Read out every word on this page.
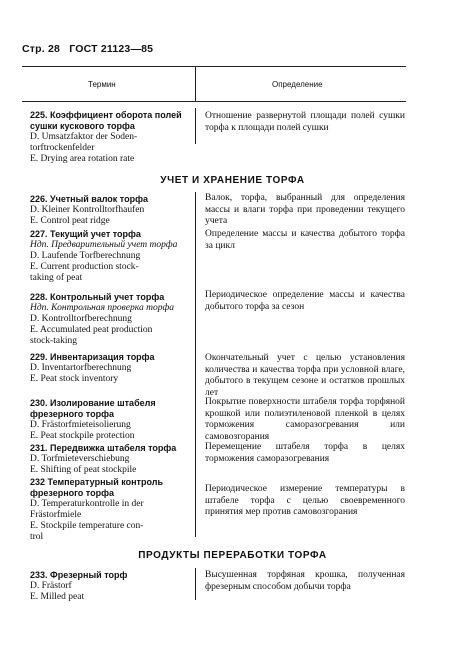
Стр. 28 ГОСТ 21123—85
Термин	Определение
225. Коэффициент оборота полей сушки кускового торфа
D. Umsatzfaktor der Soden-
torftrockenfelder
E. Drying area rotation rate
Отношение развернутой площади полей сушки торфа к площади полей сушки
УЧЕТ И ХРАНЕНИЕ ТОРФА
226. Учетный валок торфа
D. Kleiner Kontrolltorfhaufen
E. Control peat ridge
Валок, торфа, выбранный для определения массы и влаги торфа при проведении текущего учета
227. Текущий учет торфа
Ндп. Предварительный учет торфа
D. Laufende Torfberechnung
E. Current production stock-
taking of peat
Определение массы и качества добытого торфа за цикл
228. Контрольный учет торфа
Ндп. Контрольная проверка торфа
D. Kontrolltorfberechnung
E. Accumulated peat production
stock-taking
Периодическое определение массы и качества добытого торфа за сезон
229. Инвентаризация торфа
D. Inventartorfberechnung
E. Peat stock inventory
Окончательный учет с целью установления количества и качества торфа при условной влаге, добытого в текущем сезоне и остатков прошлых лет
230. Изолирование штабеля фрезерного торфа
D. Frästorfmieteisolierung
E. Peat stockpile protection
Покрытие поверхности штабеля торфа торфяной крошкой или полиэтиленовой пленкой в целях торможения саморазогревания или самовозгорания
231. Передвижка штабеля торфа
D. Torfmieteverschiebung
E. Shifting of peat stockpile
Перемещение штабеля торфа в целях торможения саморазогревания
232 Температурный контроль фрезерного торфа
D. Temperaturkontrolle in der
Frästorfmiele
E. Stockpile temperature con-
trol
Периодическое измерение температуры в штабеле торфа с целью своевременного принятия мер против самовозгорания
ПРОДУКТЫ ПЕРЕРАБОТКИ ТОРФА
233. Фрезерный торф
D. Frästorf
E. Milled peat
Высушенная торфяная крошка, полученная фрезерным способом добычи торфа
